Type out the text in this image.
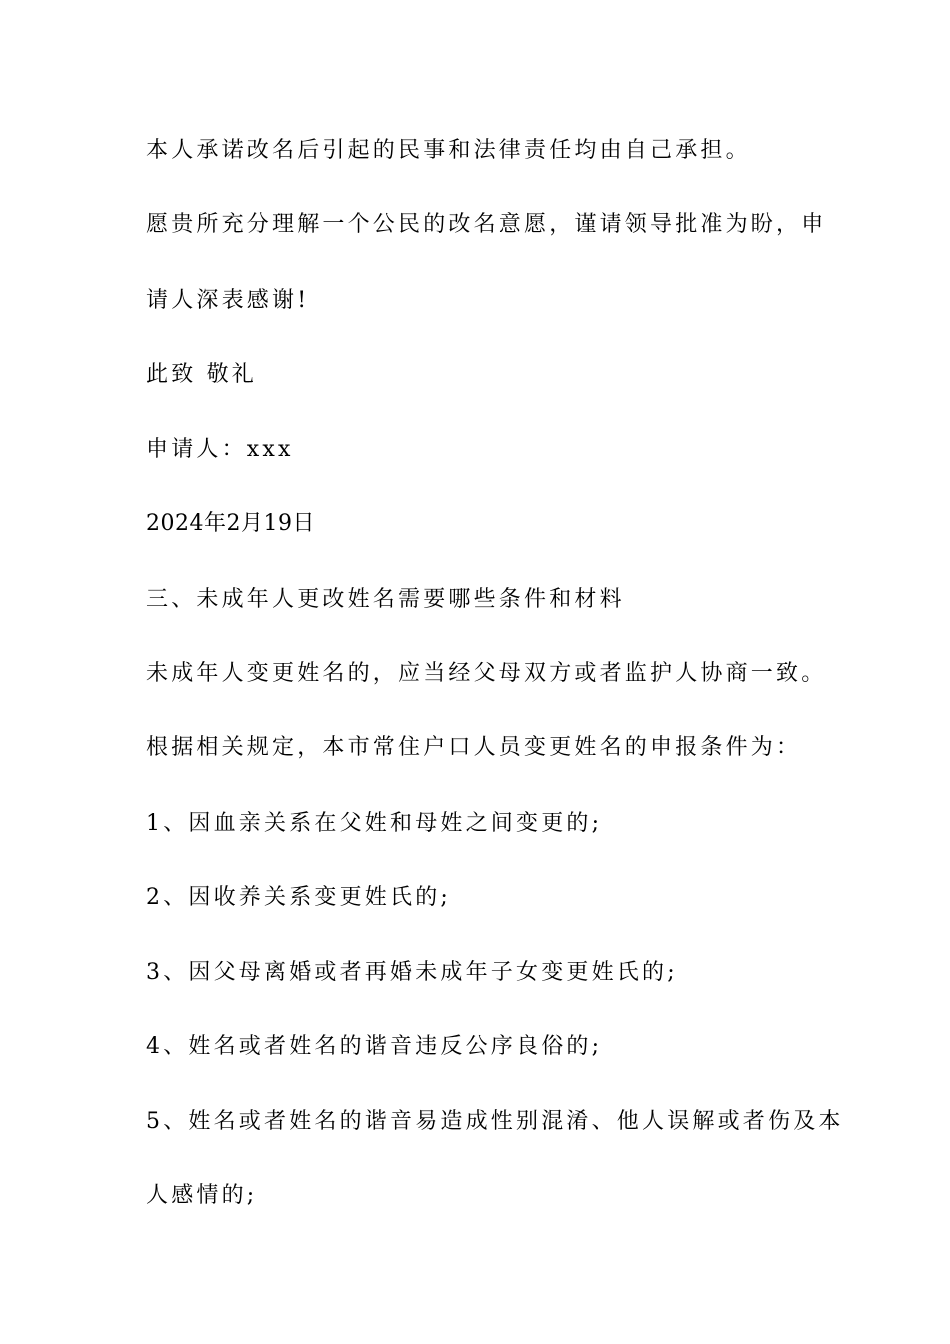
本人承诺改名后引起的民事和法律责任均由自己承担。
愿贵所充分理解一个公民的改名意愿，谨请领导批准为盼，申
请人深表感谢!
此致 敬礼
申请人：xxx
2024年2月19日
三、未成年人更改姓名需要哪些条件和材料
未成年人变更姓名的，应当经父母双方或者监护人协商一致。
根据相关规定，本市常住户口人员变更姓名的申报条件为：
1、因血亲关系在父姓和母姓之间变更的;
2、因收养关系变更姓氏的;
3、因父母离婚或者再婚未成年子女变更姓氏的;
4、姓名或者姓名的谐音违反公序良俗的;
5、姓名或者姓名的谐音易造成性别混淆、他人误解或者伤及本
人感情的;
